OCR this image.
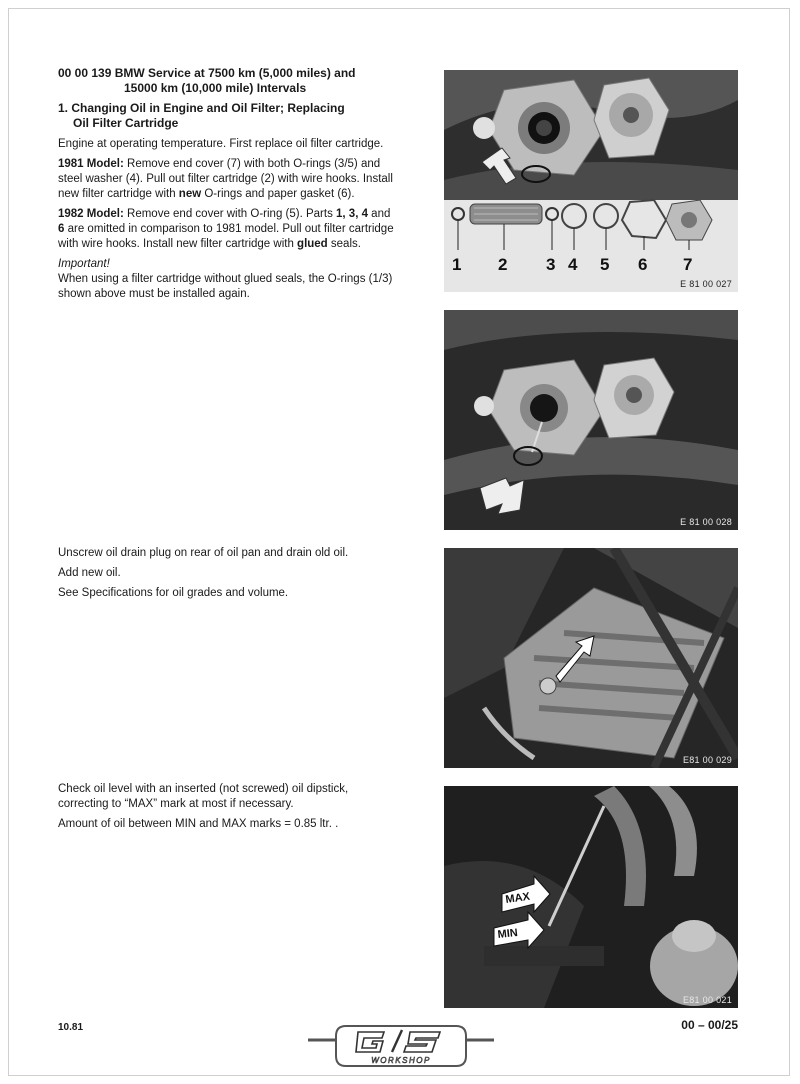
00 00 139 BMW Service at 7500 km (5,000 miles) and
15000 km (10,000 mile) Intervals
1. Changing Oil in Engine and Oil Filter; Replacing
Oil Filter Cartridge

Engine at operating temperature. First replace oil filter cartridge.

1981 Model: Remove end cover (7) with both O-rings (3/5) and steel washer (4). Pull out filter cartridge (2) with wire hooks. Install new filter cartridge with new O-rings and paper gasket (6).

1982 Model: Remove end cover with O-ring (5). Parts 1, 3, 4 and 6 are omitted in comparison to 1981 model. Pull out filter cartridge with wire hooks. Install new filter cartridge with glued seals.

Important!

When using a filter cartridge without glued seals, the O-rings (1/3) shown above must be installed again.

Unscrew oil drain plug on rear of oil pan and drain old oil.

Add new oil.

See Specifications for oil grades and volume.

Check oil level with an inserted (not screwed) oil dipstick, correcting to “MAX” mark at most if necessary.

Amount of oil between MIN and MAX marks = 0.85 ltr. .

1 2 3 4 5 6 7
E 81 00 027
E 81 00 028
E81 00 029
MAX
MIN
E81 00 021
10.81	00 – 00/25
WORKSHOP
